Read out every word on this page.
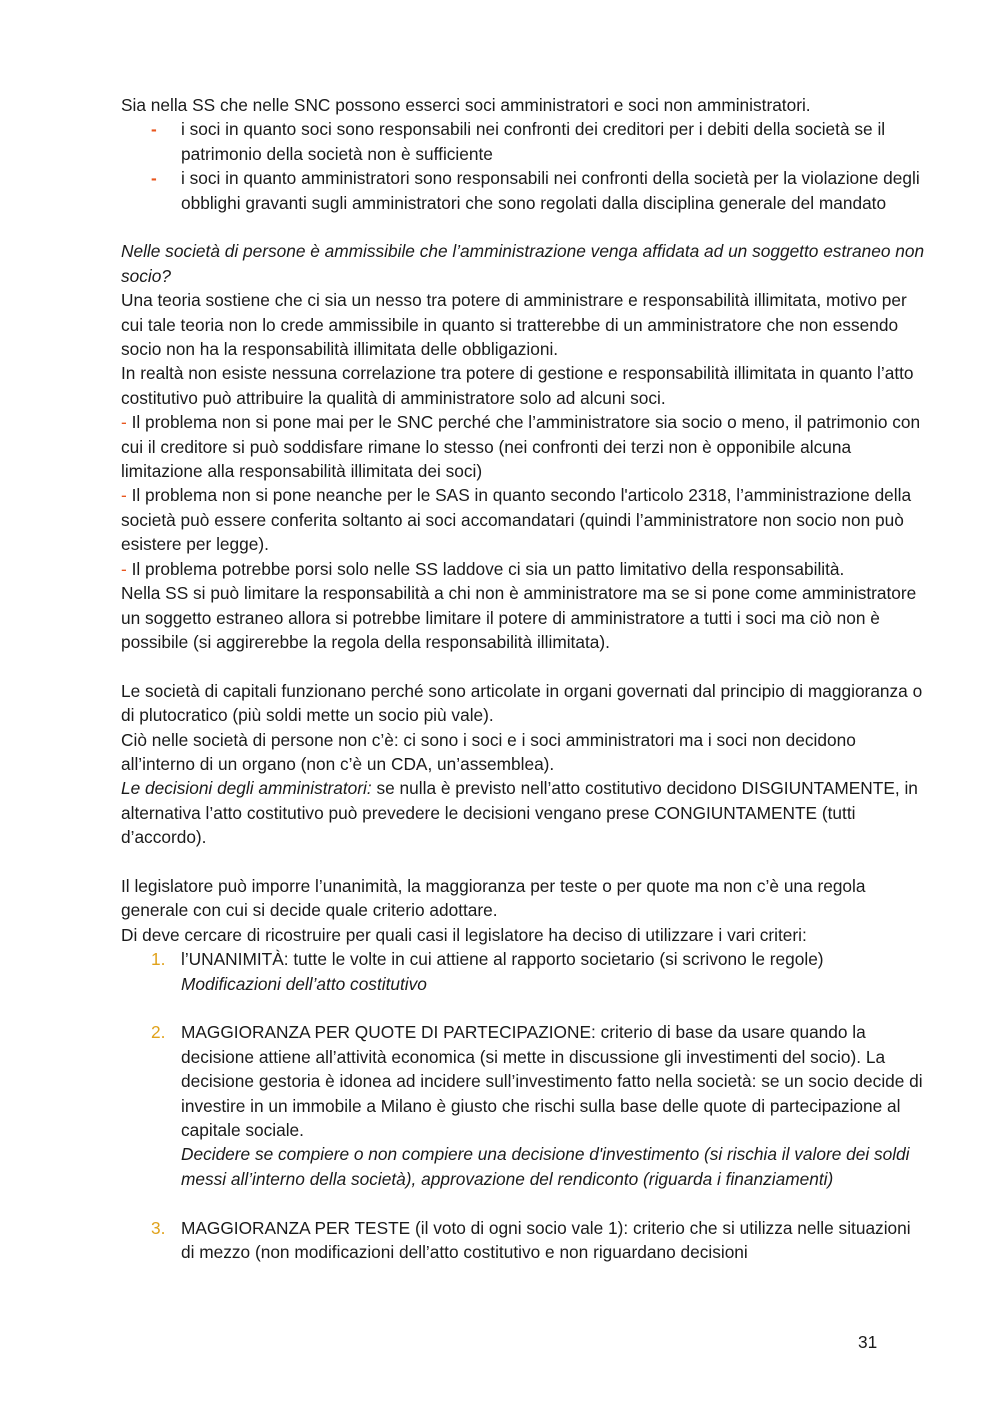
Sia nella SS che nelle SNC possono esserci soci amministratori e soci non amministratori.

- i soci in quanto soci sono responsabili nei confronti dei creditori per i debiti della società se il patrimonio della società non è sufficiente
- i soci in quanto amministratori sono responsabili nei confronti della società per la violazione degli obblighi gravanti sugli amministratori che sono regolati dalla disciplina generale del mandato

Nelle società di persone è ammissibile che l’amministrazione venga affidata ad un soggetto estraneo non socio?

Una teoria sostiene che ci sia un nesso tra potere di amministrare e responsabilità illimitata, motivo per cui tale teoria non lo crede ammissibile in quanto si tratterebbe di un amministratore che non essendo socio non ha la responsabilità illimitata delle obbligazioni.

In realtà non esiste nessuna correlazione tra potere di gestione e responsabilità illimitata in quanto l’atto costitutivo può attribuire la qualità di amministratore solo ad alcuni soci.

- Il problema non si pone mai per le SNC perché che l’amministratore sia socio o meno, il patrimonio con cui il creditore si può soddisfare rimane lo stesso (nei confronti dei terzi non è opponibile alcuna limitazione alla responsabilità illimitata dei soci)

- Il problema non si pone neanche per le SAS in quanto secondo l'articolo 2318, l’amministrazione della società può essere conferita soltanto ai soci accomandatari (quindi l’amministratore non socio non può esistere per legge).

- Il problema potrebbe porsi solo nelle SS laddove ci sia un patto limitativo della responsabilità.

Nella SS si può limitare la responsabilità a chi non è amministratore ma se si pone come amministratore un soggetto estraneo allora si potrebbe limitare il potere di amministratore a tutti i soci ma ciò non è possibile (si aggirerebbe la regola della responsabilità illimitata).

Le società di capitali funzionano perché sono articolate in organi governati dal principio di maggioranza o di plutocratico (più soldi mette un socio più vale).

Ciò nelle società di persone non c’è: ci sono i soci e i soci amministratori ma i soci non decidono all’interno di un organo (non c’è un CDA, un’assemblea).

Le decisioni degli amministratori: se nulla è previsto nell’atto costitutivo decidono DISGIUNTAMENTE, in alternativa l’atto costitutivo può prevedere le decisioni vengano prese CONGIUNTAMENTE (tutti d’accordo).

Il legislatore può imporre l’unanimità, la maggioranza per teste o per quote ma non c’è una regola generale con cui si decide quale criterio adottare.

Di deve cercare di ricostruire per quali casi il legislatore ha deciso di utilizzare i vari criteri:

1. l’UNANIMITÀ: tutte le volte in cui attiene al rapporto societario (si scrivono le regole)

Modificazioni dell’atto costitutivo

2. MAGGIORANZA PER QUOTE DI PARTECIPAZIONE: criterio di base da usare quando la decisione attiene all’attività economica (si mette in discussione gli investimenti del socio). La decisione gestoria è idonea ad incidere sull’investimento fatto nella società: se un socio decide di investire in un immobile a Milano è giusto che rischi sulla base delle quote di partecipazione al capitale sociale.

Decidere se compiere o non compiere una decisione d'investimento (si rischia il valore dei soldi messi all’interno della società), approvazione del rendiconto (riguarda i finanziamenti)

3. MAGGIORANZA PER TESTE (il voto di ogni socio vale 1): criterio che si utilizza nelle situazioni di mezzo (non modificazioni dell’atto costitutivo e non riguardano decisioni

31
